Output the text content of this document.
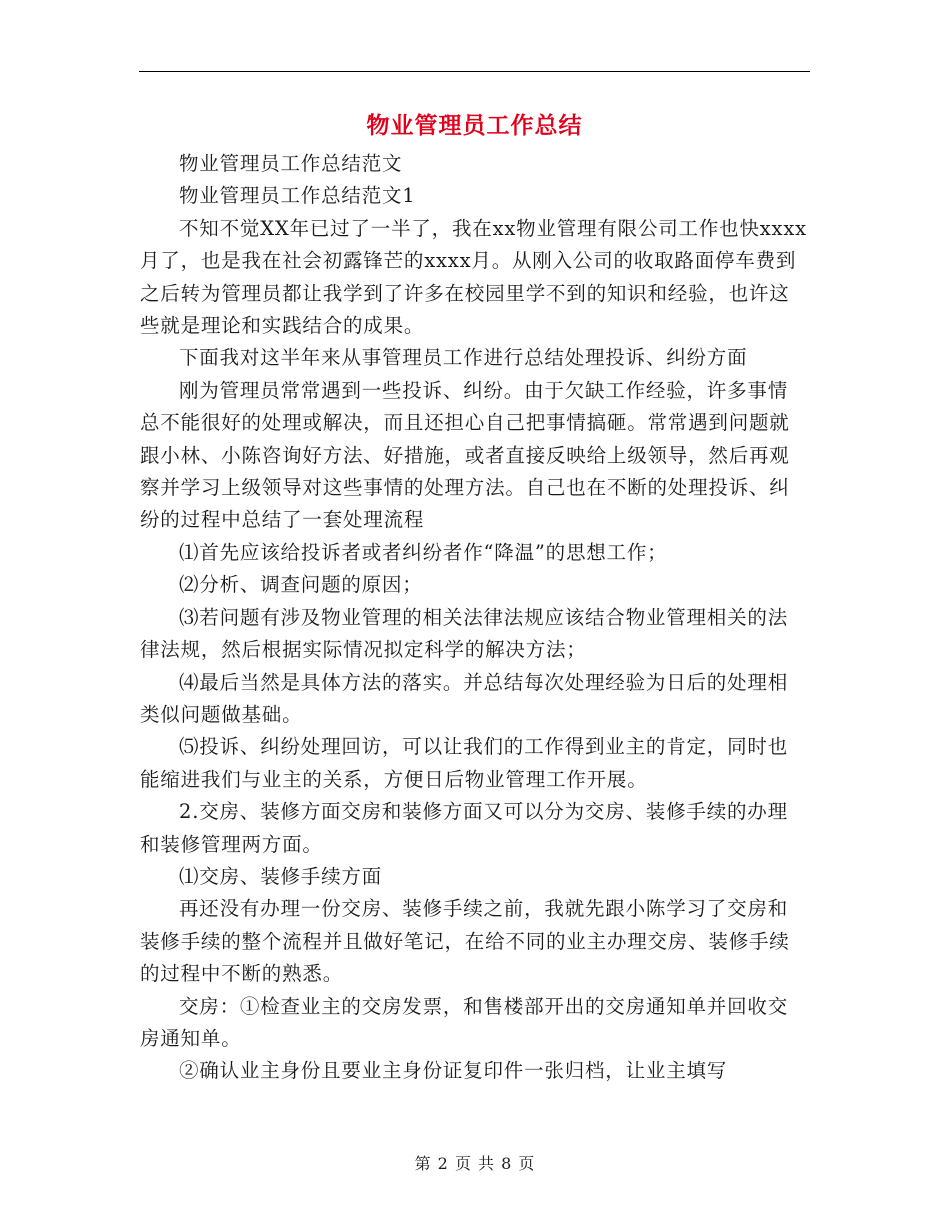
物业管理员工作总结

物业管理员工作总结范文

物业管理员工作总结范文1

不知不觉XX年已过了一半了，我在xx物业管理有限公司工作也快xxxx月了，也是我在社会初露锋芒的xxxx月。从刚入公司的收取路面停车费到之后转为管理员都让我学到了许多在校园里学不到的知识和经验，也许这些就是理论和实践结合的成果。

下面我对这半年来从事管理员工作进行总结处理投诉、纠纷方面

刚为管理员常常遇到一些投诉、纠纷。由于欠缺工作经验，许多事情总不能很好的处理或解决，而且还担心自己把事情搞砸。常常遇到问题就跟小林、小陈咨询好方法、好措施，或者直接反映给上级领导，然后再观察并学习上级领导对这些事情的处理方法。自己也在不断的处理投诉、纠纷的过程中总结了一套处理流程

⑴首先应该给投诉者或者纠纷者作“降温”的思想工作；

⑵分析、调查问题的原因；

⑶若问题有涉及物业管理的相关法律法规应该结合物业管理相关的法律法规，然后根据实际情况拟定科学的解决方法；

⑷最后当然是具体方法的落实。并总结每次处理经验为日后的处理相类似问题做基础。

⑸投诉、纠纷处理回访，可以让我们的工作得到业主的肯定，同时也能缩进我们与业主的关系，方便日后物业管理工作开展。

2.交房、装修方面交房和装修方面又可以分为交房、装修手续的办理和装修管理两方面。

⑴交房、装修手续方面

再还没有办理一份交房、装修手续之前，我就先跟小陈学习了交房和装修手续的整个流程并且做好笔记，在给不同的业主办理交房、装修手续的过程中不断的熟悉。

交房：①检查业主的交房发票，和售楼部开出的交房通知单并回收交房通知单。

②确认业主身份且要业主身份证复印件一张归档，让业主填写

第 2 页 共 8 页
